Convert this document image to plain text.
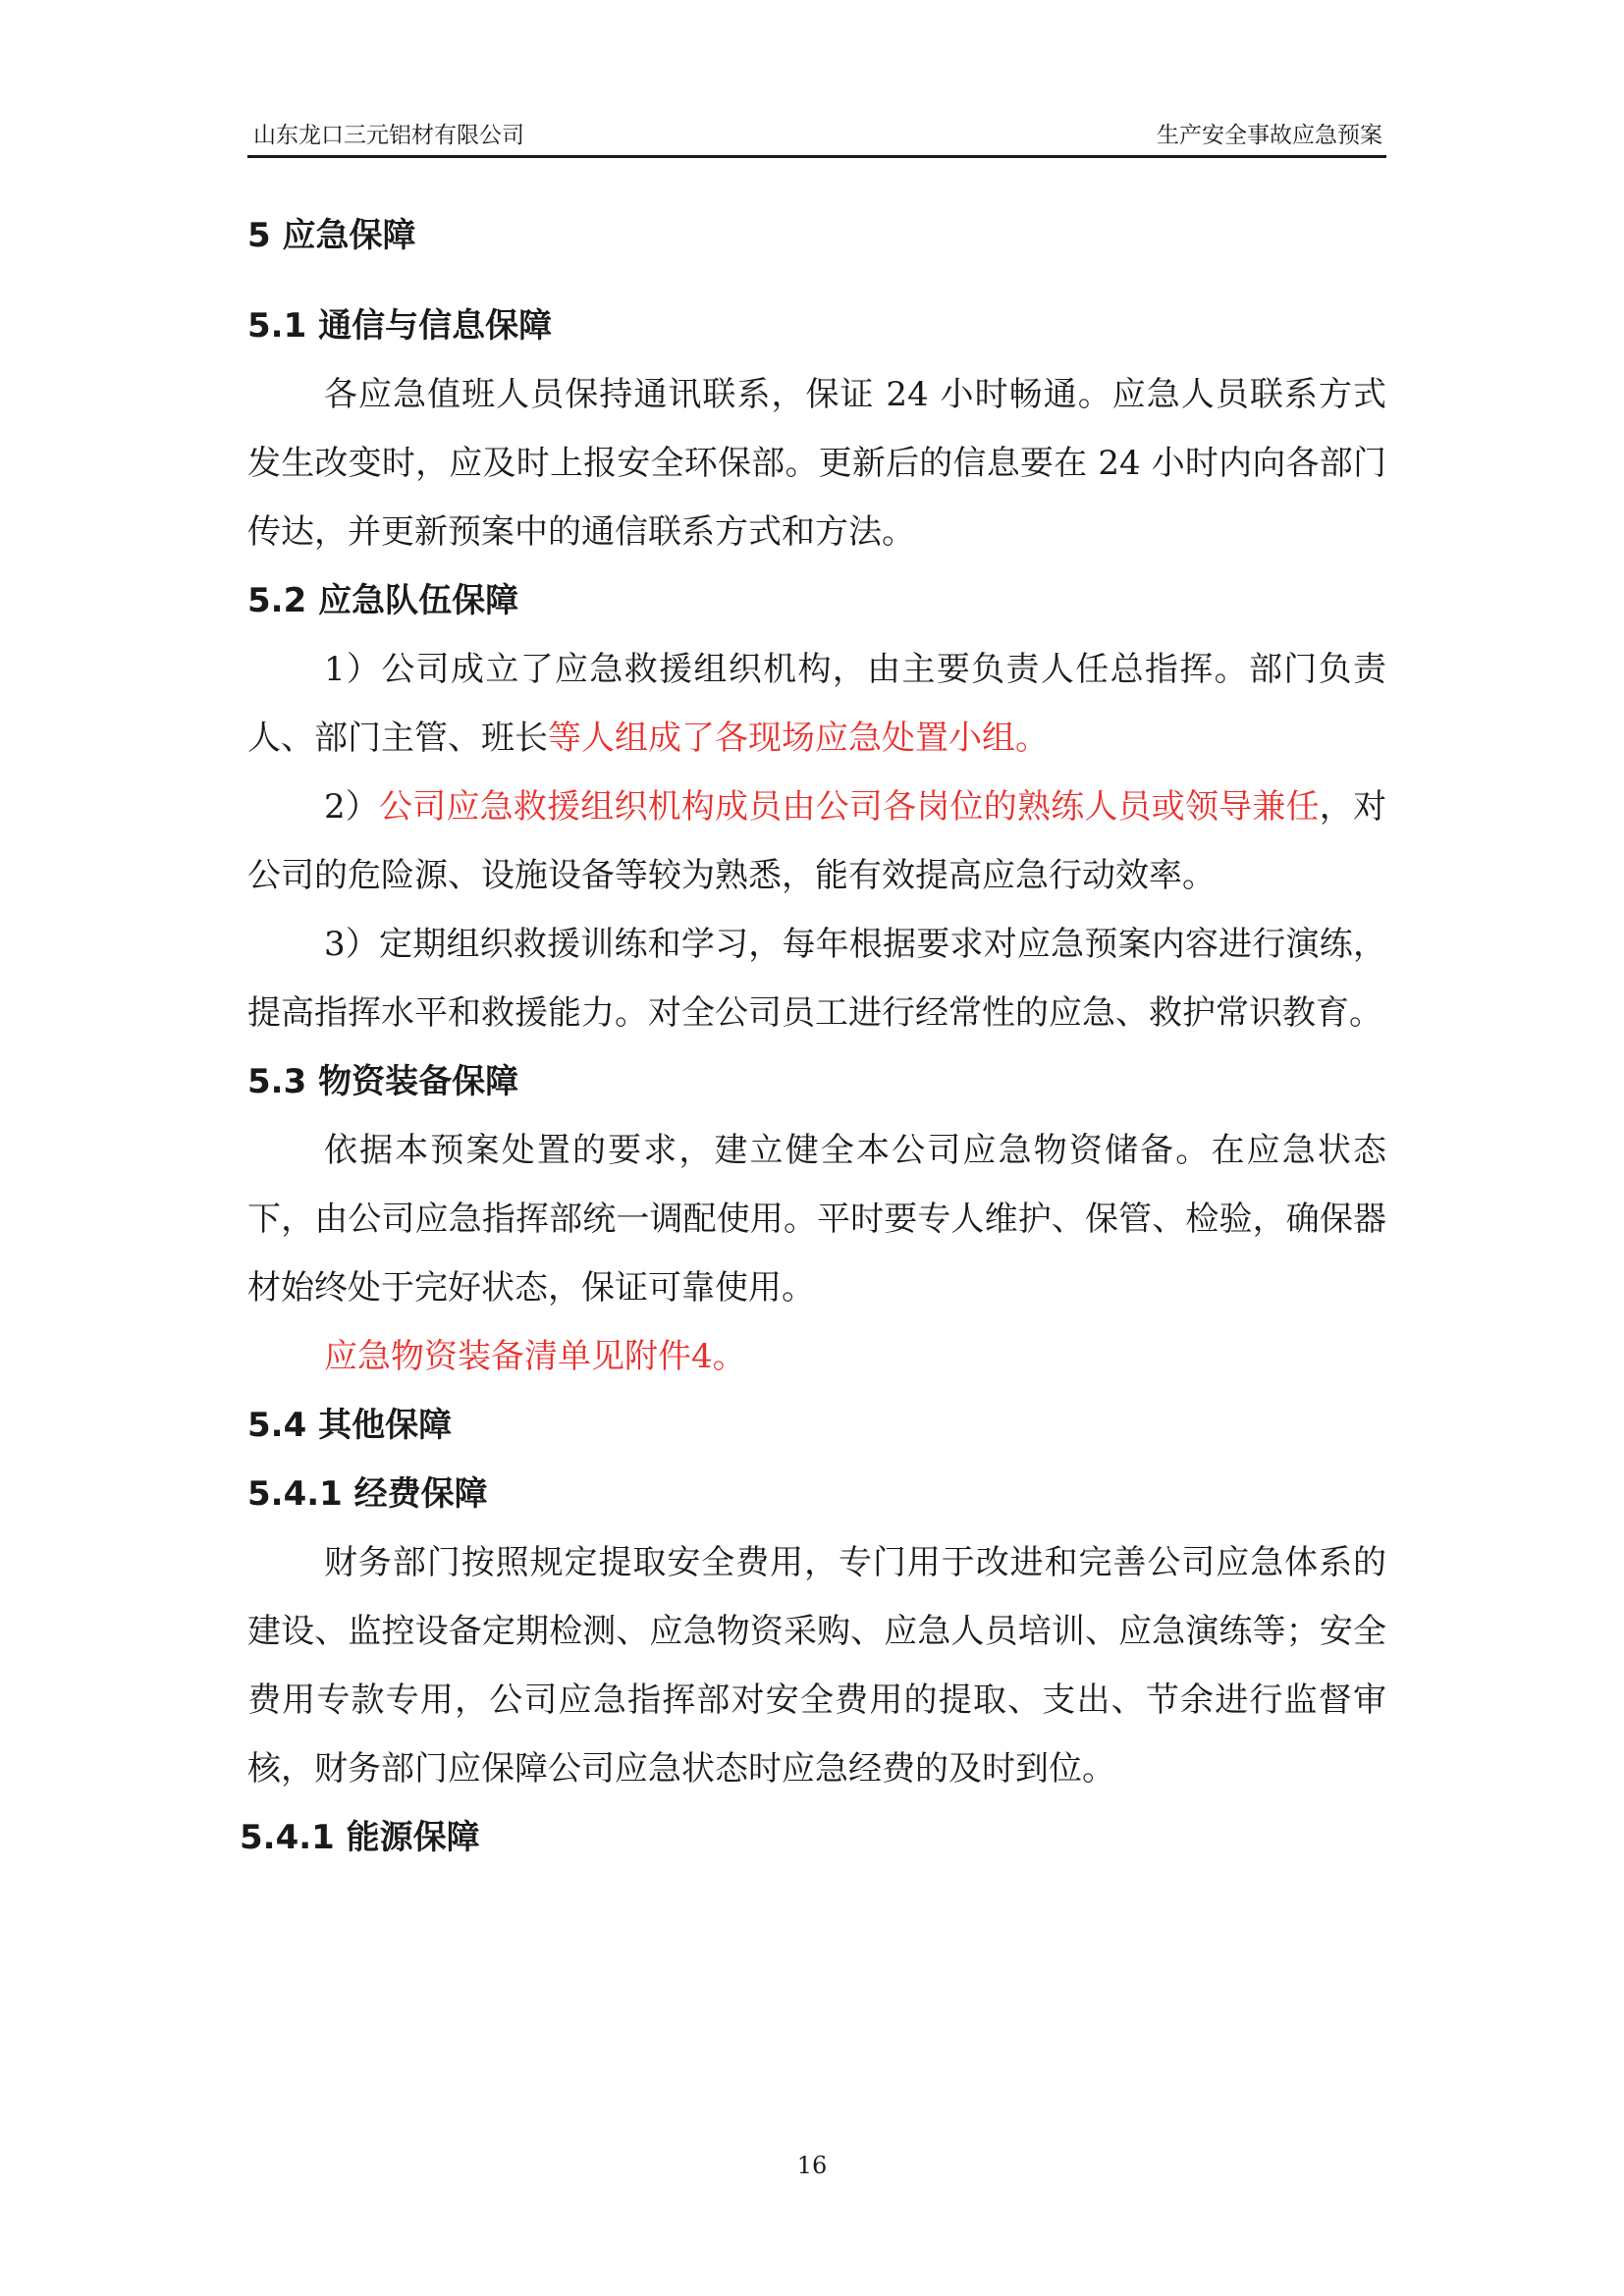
山东龙口三元铝材有限公司	生产安全事故应急预案
5 应急保障
5.1 通信与信息保障

各应急值班人员保持通讯联系，保证 24 小时畅通。应急人员联系方式发生改变时，应及时上报安全环保部。更新后的信息要在 24 小时内向各部门传达，并更新预案中的通信联系方式和方法。

5.2 应急队伍保障

1）公司成立了应急救援组织机构，由主要负责人任总指挥。部门负责人、部门主管、班长等人组成了各现场应急处置小组。

2）公司应急救援组织机构成员由公司各岗位的熟练人员或领导兼任，对公司的危险源、设施设备等较为熟悉，能有效提高应急行动效率。

3）定期组织救援训练和学习，每年根据要求对应急预案内容进行演练，提高指挥水平和救援能力。对全公司员工进行经常性的应急、救护常识教育。

5.3 物资装备保障

依据本预案处置的要求，建立健全本公司应急物资储备。在应急状态下，由公司应急指挥部统一调配使用。平时要专人维护、保管、检验，确保器材始终处于完好状态，保证可靠使用。

应急物资装备清单见附件4。

5.4 其他保障
5.4.1 经费保障

财务部门按照规定提取安全费用，专门用于改进和完善公司应急体系的建设、监控设备定期检测、应急物资采购、应急人员培训、应急演练等；安全费用专款专用，公司应急指挥部对安全费用的提取、支出、节余进行监督审核，财务部门应保障公司应急状态时应急经费的及时到位。

5.4.1 能源保障
16
